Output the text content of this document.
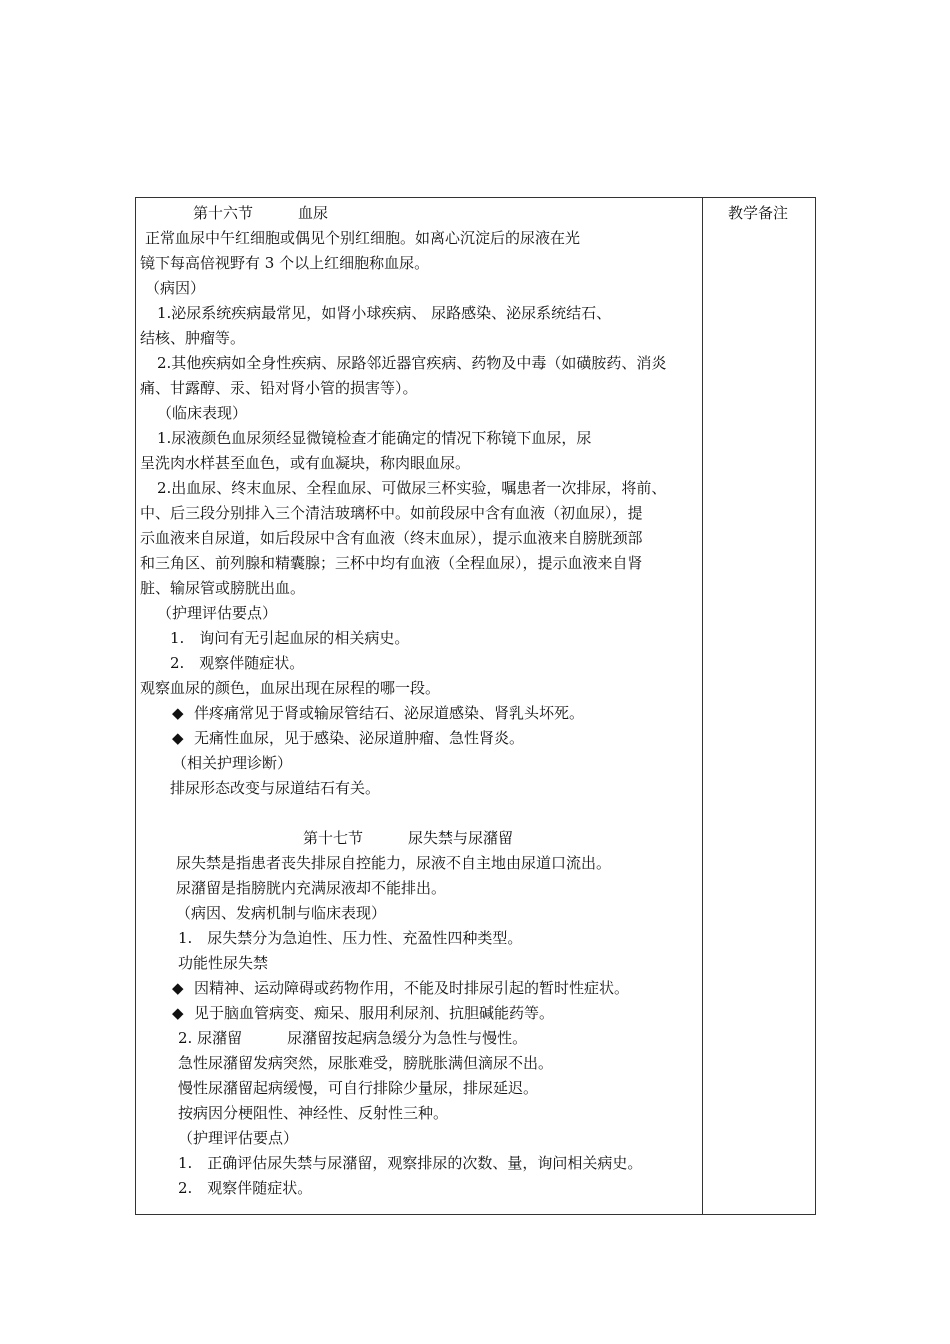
教学备注
第十六节　　　血尿
正常血尿中午红细胞或偶见个别红细胞。如离心沉淀后的尿液在光
镜下每高倍视野有 3 个以上红细胞称血尿。
（病因）
1.泌尿系统疾病最常见，如肾小球疾病、 尿路感染、泌尿系统结石、
结核、肿瘤等。
2.其他疾病如全身性疾病、尿路邻近器官疾病、药物及中毒（如磺胺药、消炎
痛、甘露醇、汞、铅对肾小管的损害等）。
（临床表现）
1.尿液颜色血尿须经显微镜检查才能确定的情况下称镜下血尿，尿
呈洗肉水样甚至血色，或有血凝块，称肉眼血尿。
2.出血尿、终末血尿、全程血尿、可做尿三杯实验，嘱患者一次排尿，将前、
中、后三段分别排入三个清洁玻璃杯中。如前段尿中含有血液（初血尿），提
示血液来自尿道，如后段尿中含有血液（终末血尿），提示血液来自膀胱颈部
和三角区、前列腺和精囊腺；三杯中均有血液（全程血尿），提示血液来自肾
脏、输尿管或膀胱出血。
（护理评估要点）
1.　询问有无引起血尿的相关病史。
2.　观察伴随症状。
观察血尿的颜色，血尿出现在尿程的哪一段。
◆ 伴疼痛常见于肾或输尿管结石、泌尿道感染、肾乳头坏死。
◆ 无痛性血尿，见于感染、泌尿道肿瘤、急性肾炎。
（相关护理诊断）
排尿形态改变与尿道结石有关。
第十七节　　　尿失禁与尿潴留
尿失禁是指患者丧失排尿自控能力，尿液不自主地由尿道口流出。
尿潴留是指膀胱内充满尿液却不能排出。
（病因、发病机制与临床表现）
1.　尿失禁分为急迫性、压力性、充盈性四种类型。
功能性尿失禁
◆ 因精神、运动障碍或药物作用，不能及时排尿引起的暂时性症状。
◆ 见于脑血管病变、痴呆、服用利尿剂、抗胆碱能药等。
2. 尿潴留　　　尿潴留按起病急缓分为急性与慢性。
急性尿潴留发病突然，尿胀难受，膀胱胀满但滴尿不出。
慢性尿潴留起病缓慢，可自行排除少量尿，排尿延迟。
按病因分梗阻性、神经性、反射性三种。
（护理评估要点）
1.　正确评估尿失禁与尿潴留，观察排尿的次数、量，询问相关病史。
2.　观察伴随症状。
